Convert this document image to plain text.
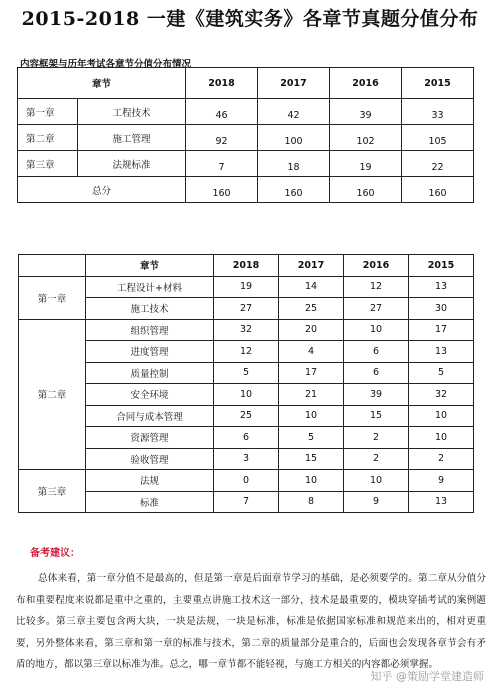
2015-2018 一建《建筑实务》各章节真题分值分布
内容框架与历年考试各章节分值分布情况
章节		2018	2017	2016	2015
第一章	工程技术	46	42	39	33
第二章	施工管理	92	100	102	105
第三章	法规标准	7	18	19	22
总分		160	160	160	160
	章节	2018	2017	2016	2015
第一章	工程设计+材料	19	14	12	13
	施工技术	27	25	27	30
第二章	组织管理	32	20	10	17
	进度管理	12	4	6	13
	质量控制	5	17	6	5
	安全环境	10	21	39	32
	合同与成本管理	25	10	15	10
	资源管理	6	5	2	10
	验收管理	3	15	2	2
第三章	法规	0	10	10	9
	标准	7	8	9	13
备考建议：
总体来看，第一章分值不是最高的，但是第一章是后面章节学习的基础，是必须要学的。第二章从分值分布和重要程度来说都是重中之重的，主要重点讲施工技术这一部分，技术是最重要的，模块穿插考试的案例题比较多。第三章主要包含两大块，一块是法规，一块是标准，标准是依据国家标准和规范来出的，相对更重要，另外整体来看，第三章和第一章的标准与技术，第二章的质量部分是重合的，后面也会发现各章节会有矛盾的地方，都以第三章以标准为准。总之，哪一章节都不能轻视，与施工方相关的内容都必须掌握。
知乎 @策励学堂建造师
